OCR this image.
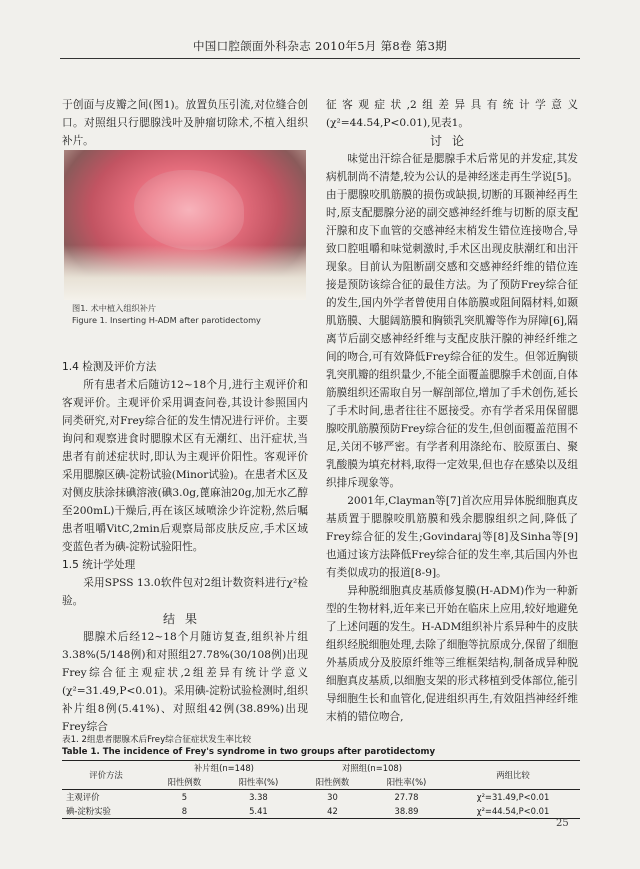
中国口腔颌面外科杂志 2010年5月 第8卷 第3期

于创面与皮瓣之间(图1)。放置负压引流,对位缝合创口。对照组只行腮腺浅叶及肿瘤切除术,不植入组织补片。

1.4 检测及评价方法

所有患者术后随访12~18个月,进行主观评价和客观评价。主观评价采用调查问卷,其设计参照国内同类研究,对Frey综合征的发生情况进行评价。主要询问和观察进食时腮腺术区有无潮红、出汗症状,当患者有前述症状时,即认为主观评价阳性。客观评价采用腮腺区碘-淀粉试验(Minor试验)。在患者术区及对侧皮肤涂抹碘溶液(碘3.0g,蓖麻油20g,加无水乙醇至200mL)干燥后,再在该区域喷涂少许淀粉,然后嘱患者咀嚼VitC,2min后观察局部皮肤反应,手术区域变蓝色者为碘-淀粉试验阳性。

1.5 统计学处理

采用SPSS 13.0软件包对2组计数资料进行χ²检验。

结果

腮腺术后经12~18个月随访复查,组织补片组3.38%(5/148例)和对照组27.78%(30/108例)出现Frey综合征主观症状,2组差异有统计学意义(χ²=31.49,P<0.01)。采用碘-淀粉试验检测时,组织补片组8例(5.41%)、对照组42例(38.89%)出现Frey综合

图1. 术中植入组织补片
Figure 1. Inserting H-ADM after parotidectomy

征客观症状,2组差异具有统计学意义(χ²=44.54,P<0.01),见表1。

讨论

味觉出汗综合征是腮腺手术后常见的并发症,其发病机制尚不清楚,较为公认的是神经迷走再生学说[5]。由于腮腺咬肌筋膜的损伤或缺损,切断的耳颞神经再生时,原支配腮腺分泌的副交感神经纤维与切断的原支配汗腺和皮下血管的交感神经末梢发生错位连接吻合,导致口腔咀嚼和味觉刺激时,手术区出现皮肤潮红和出汗现象。目前认为阻断副交感和交感神经纤维的错位连接是预防该综合征的最佳方法。为了预防Frey综合征的发生,国内外学者曾使用自体筋膜或阻间隔材料,如颞肌筋膜、大腿阔筋膜和胸锁乳突肌瓣等作为屏障[6],隔离节后副交感神经纤维与支配皮肤汗腺的神经纤维之间的吻合,可有效降低Frey综合征的发生。但邻近胸锁乳突肌瓣的组织量少,不能全面覆盖腮腺手术创面,自体筋膜组织还需取自另一解剖部位,增加了手术创伤,延长了手术时间,患者往往不愿接受。亦有学者采用保留腮腺咬肌筋膜预防Frey综合征的发生,但创面覆盖范围不足,关闭不够严密。有学者利用涤纶布、胶原蛋白、聚乳酸膜为填充材料,取得一定效果,但也存在感染以及组织排斥现象等。

2001年,Clayman等[7]首次应用异体脱细胞真皮基质置于腮腺咬肌筋膜和残余腮腺组织之间,降低了Frey综合征的发生;Govindaraj等[8]及Sinha等[9]也通过该方法降低Frey综合征的发生率,其后国内外也有类似成功的报道[8-9]。

异种脱细胞真皮基质修复膜(H-ADM)作为一种新型的生物材料,近年来已开始在临床上应用,较好地避免了上述问题的发生。H-ADM组织补片系异种牛的皮肤组织经脱细胞处理,去除了细胞等抗原成分,保留了细胞外基质成分及胶原纤维等三维框架结构,制备成异种脱细胞真皮基质,以细胞支架的形式移植到受体部位,能引导细胞生长和血管化,促进组织再生,有效阻挡神经纤维末梢的错位吻合,

表1. 2组患者腮腺术后Frey综合征症状发生率比较
Table 1. The incidence of Frey's syndrome in two groups after parotidectomy
评价方法	补片组(n=148)		对照组(n=108)		两组比较
	阳性例数	阳性率(%)	阳性例数	阳性率(%)	
主观评价	5	3.38	30	27.78	χ²=31.49,P<0.01
碘-淀粉实验	8	5.41	42	38.89	χ²=44.54,P<0.01
25
